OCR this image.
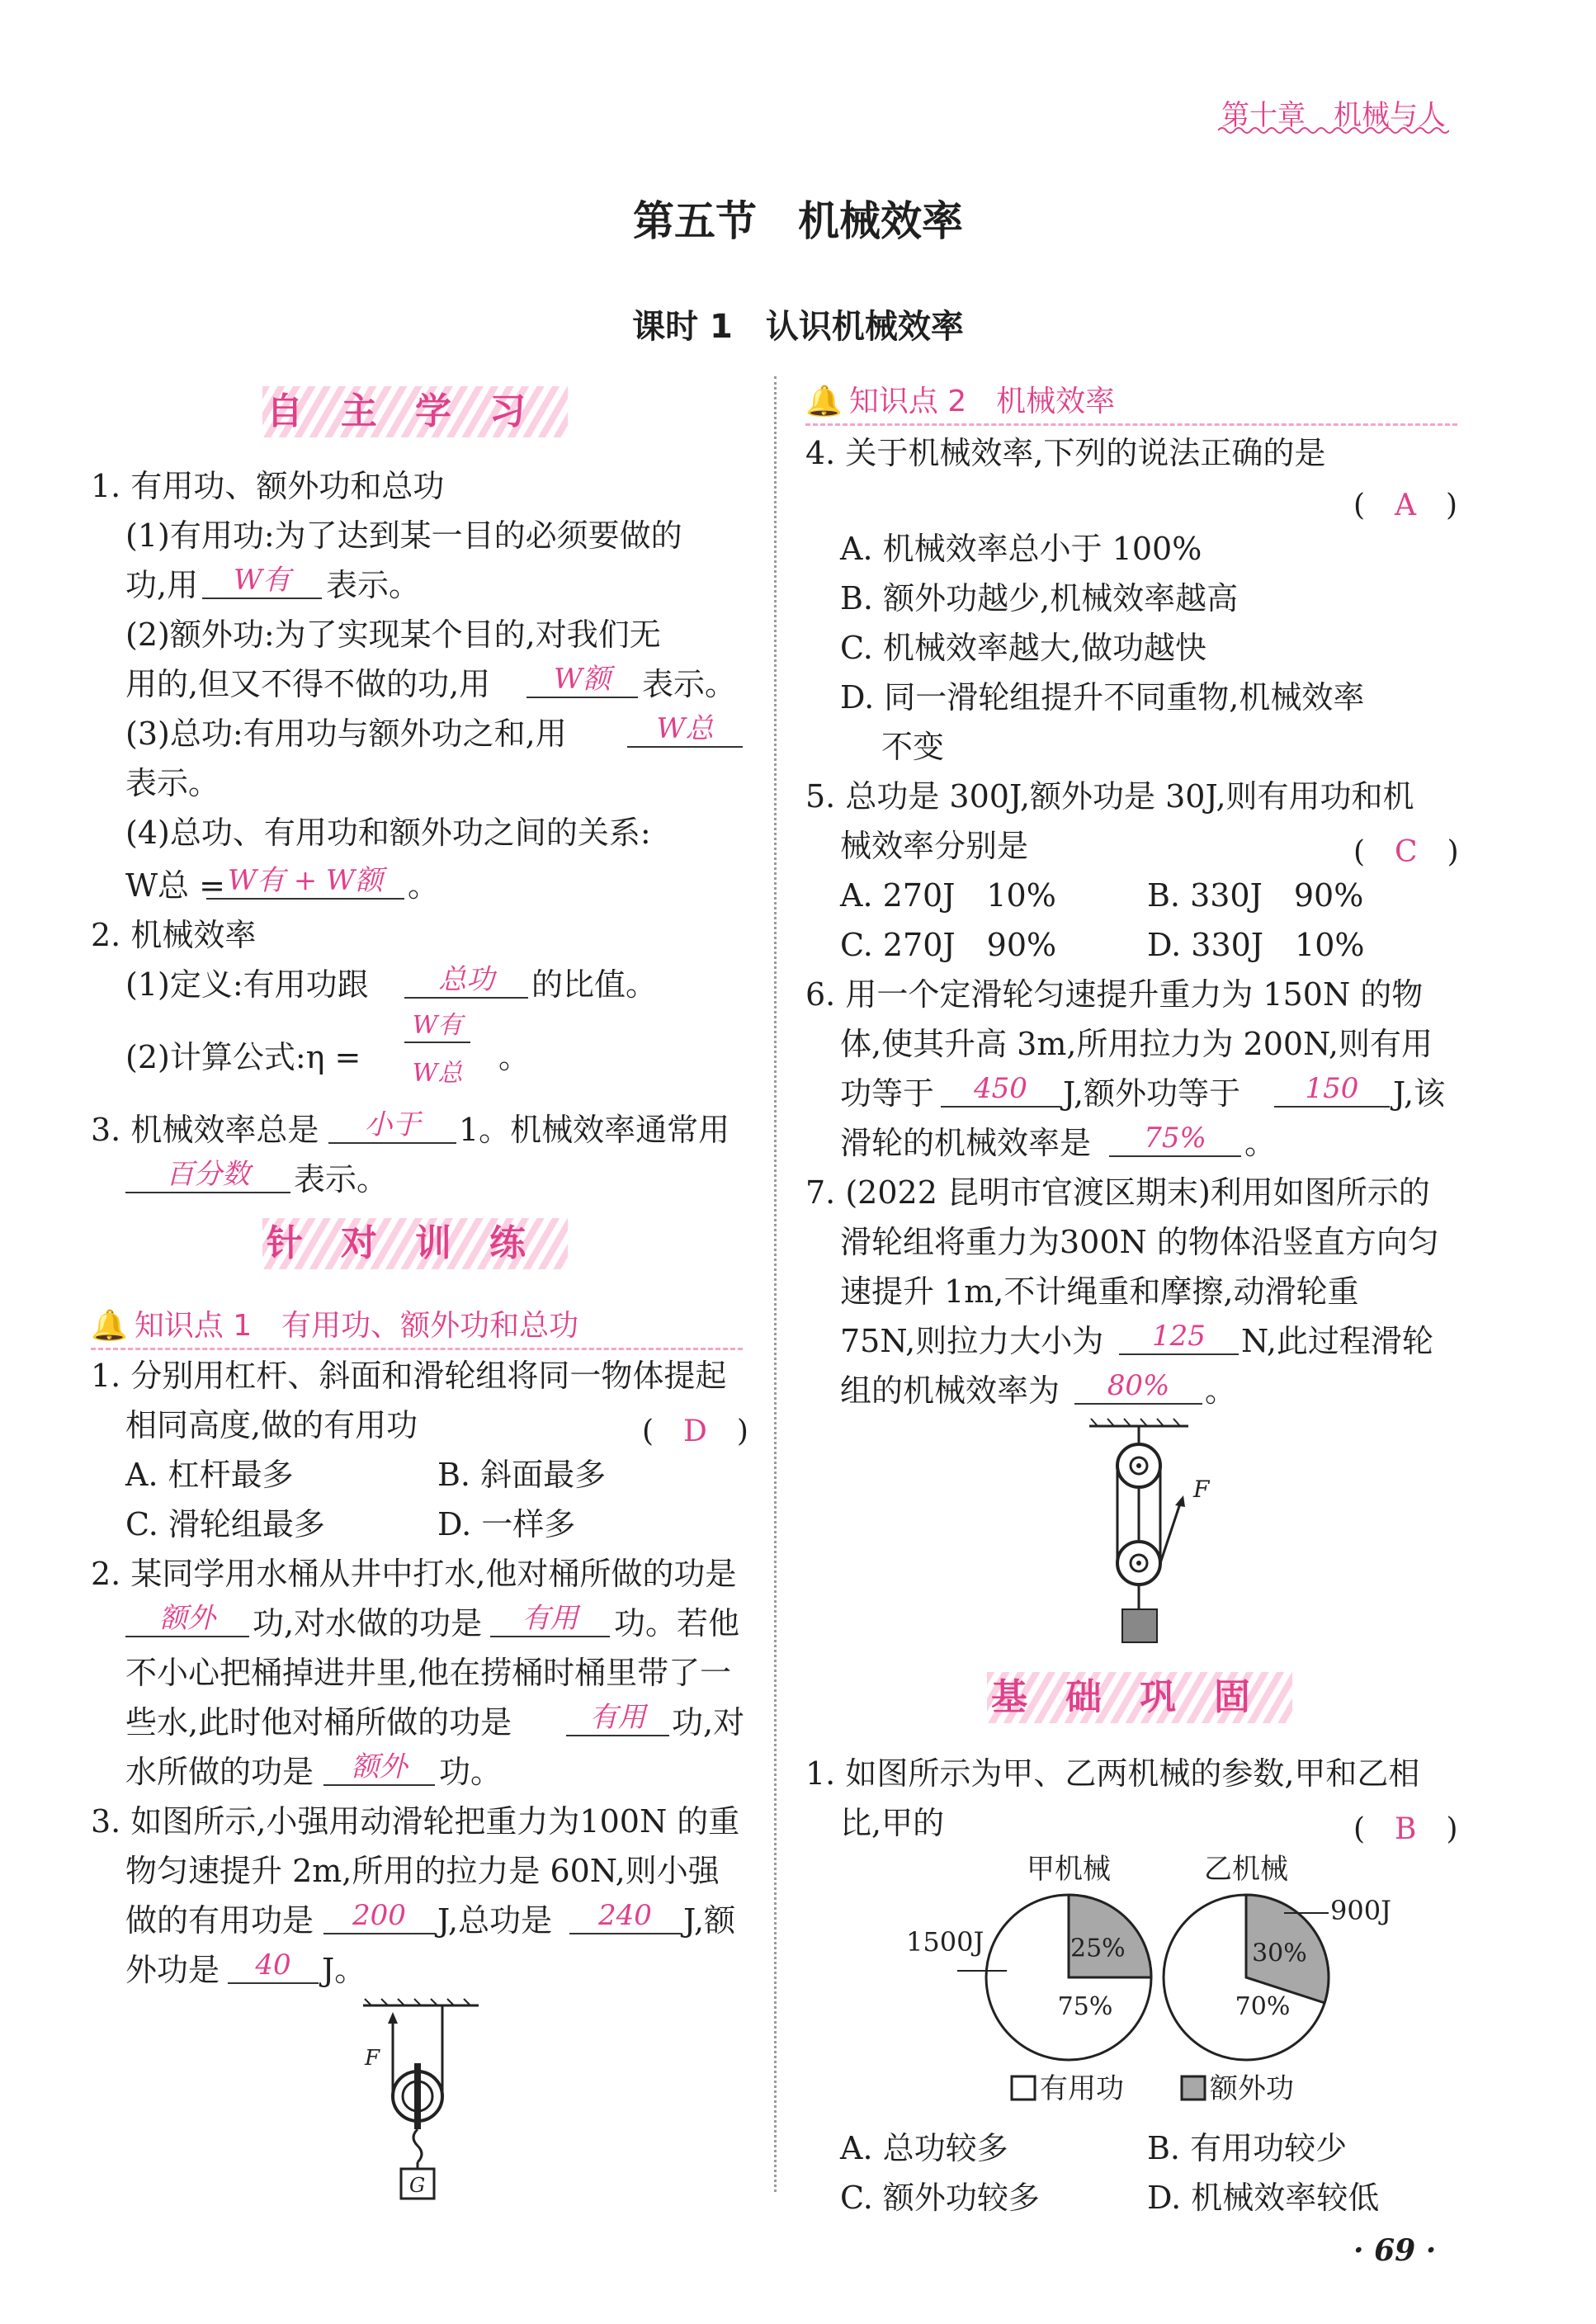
第十章　机械与人
第五节　机械效率
课时 1　认识机械效率
自主学习
1. 有用功、额外功和总功
(1)有用功:为了达到某一目的必须要做的
功,用	W有	表示。
(2)额外功:为了实现某个目的,对我们无
用的,但又不得不做的功,用	W额	表示。
(3)总功:有用功与额外功之和,用	W总
表示。
(4)总功、有用功和额外功之间的关系:
W总 = W有 + W额 。
2. 机械效率
(1)定义:有用功跟	总功	的比值。
(2)计算公式:η =
W有
W总 。
3. 机械效率总是	小于	1。机械效率通常用
百分数	表示。
针对训练
🔔 知识点 1　有用功、额外功和总功
1. 分别用杠杆、斜面和滑轮组将同一物体提起
相同高度,做的有用功	(　D　)
A. 杠杆最多	B. 斜面最多
C. 滑轮组最多	D. 一样多
2. 某同学用水桶从井中打水,他对桶所做的功是
额外	功,对水做的功是	有用	功。若他
不小心把桶掉进井里,他在捞桶时桶里带了一
些水,此时他对桶所做的功是	有用 功,对
水所做的功是	额外	功。
3. 如图所示,小强用动滑轮把重力为100N 的重
物匀速提升 2m,所用的拉力是 60N,则小强
做的有用功是	200	J,总功是	240	J,额
外功是	40 J。
F
G
🔔 知识点 2　机械效率
4. 关于机械效率,下列的说法正确的是
(　A　)
A. 机械效率总小于 100%
B. 额外功越少,机械效率越高
C. 机械效率越大,做功越快
D. 同一滑轮组提升不同重物,机械效率
不变
5. 总功是 300J,额外功是 30J,则有用功和机
械效率分别是	(　C　)
A. 270J　10%	B. 330J　90%
C. 270J　90%	D. 330J　10%
6. 用一个定滑轮匀速提升重力为 150N 的物
体,使其升高 3m,所用拉力为 200N,则有用
功等于	450	J,额外功等于	150	J,该
滑轮的机械效率是	75%	。
7. (2022 昆明市官渡区期末)利用如图所示的
滑轮组将重力为300N 的物体沿竖直方向匀
速提升 1m,不计绳重和摩擦,动滑轮重
75N,则拉力大小为	125	N,此过程滑轮
组的机械效率为	80%	。
F
基础巩固
1. 如图所示为甲、乙两机械的参数,甲和乙相
比,甲的	(　B　)
甲机械	乙机械
25%
75%
30%
70%
1500J
900J
有用功	额外功
A. 总功较多	B. 有用功较少
C. 额外功较多	D. 机械效率较低
· 69 ·
